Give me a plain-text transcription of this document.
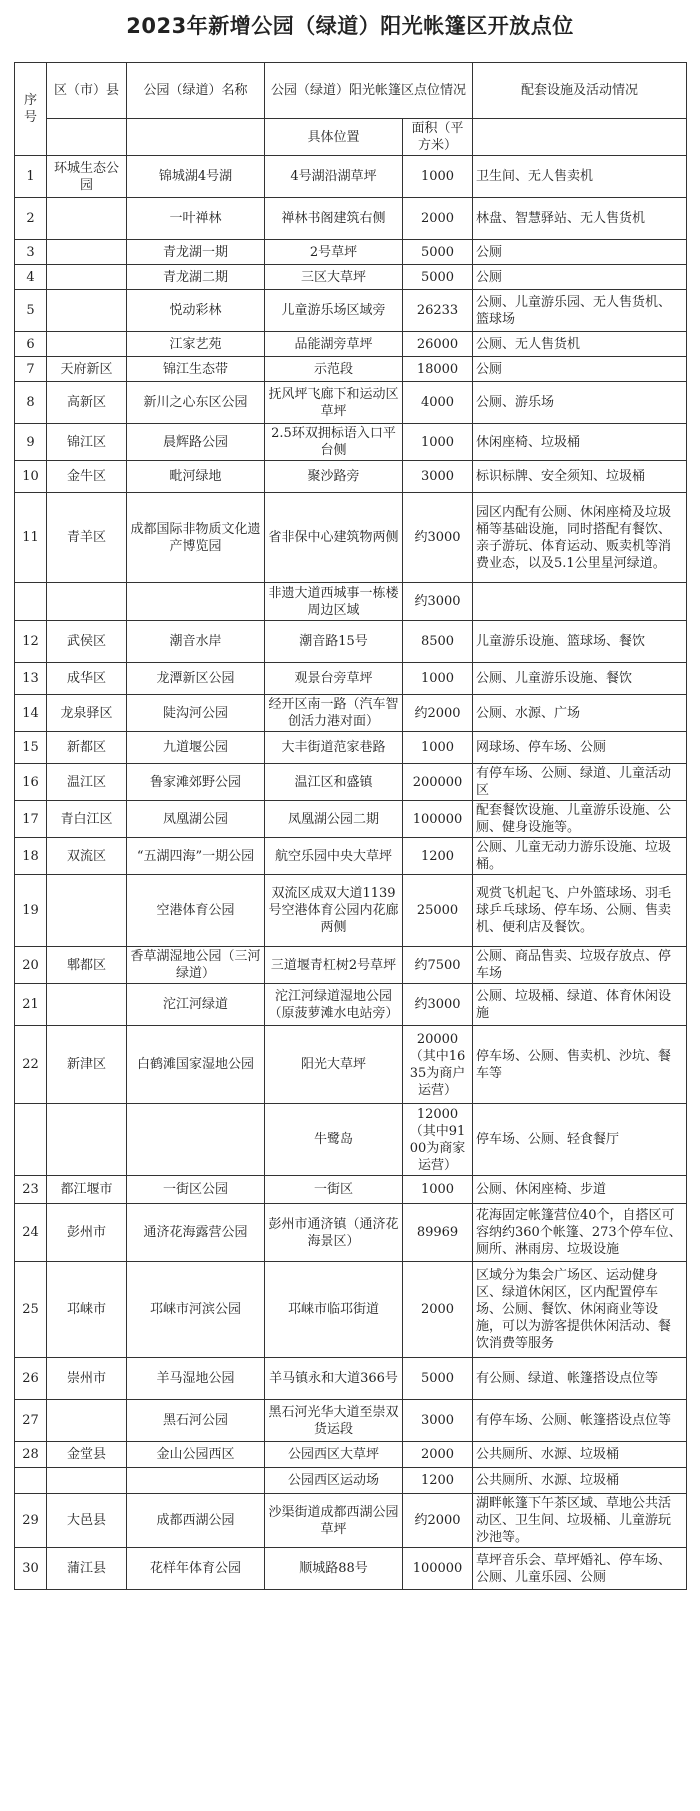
2023年新增公园（绿道）阳光帐篷区开放点位
序号	区（市）县	公园（绿道）名称	公园（绿道）阳光帐篷区点位情况		配套设施及活动情况
			具体位置	面积（平方米）	
1	环城生态公园	锦城湖4号湖	4号湖沿湖草坪	1000	卫生间、无人售卖机
2		一叶禅林	禅林书阁建筑右侧	2000	林盘、智慧驿站、无人售货机
3		青龙湖一期	2号草坪	5000	公厕
4		青龙湖二期	三区大草坪	5000	公厕
5		悦动彩林	儿童游乐场区域旁	26233	公厕、儿童游乐园、无人售货机、篮球场
6		江家艺苑	品能湖旁草坪	26000	公厕、无人售货机
7	天府新区	锦江生态带	示范段	18000	公厕
8	高新区	新川之心东区公园	抚风坪飞廊下和运动区草坪	4000	公厕、游乐场
9	锦江区	晨辉路公园	2.5环双拥标语入口平台侧	1000	休闲座椅、垃圾桶
10	金牛区	毗河绿地	聚沙路旁	3000	标识标牌、安全须知、垃圾桶
11	青羊区	成都国际非物质文化遗产博览园	省非保中心建筑物两侧	约3000	园区内配有公厕、休闲座椅及垃圾桶等基础设施，同时搭配有餐饮、亲子游玩、体育运动、贩卖机等消费业态，以及5.1公里星河绿道。
			非遗大道西城事一栋楼周边区域	约3000	
12	武侯区	潮音水岸	潮音路15号	8500	儿童游乐设施、篮球场、餐饮
13	成华区	龙潭新区公园	观景台旁草坪	1000	公厕、儿童游乐设施、餐饮
14	龙泉驿区	陡沟河公园	经开区南一路（汽车智创活力港对面）	约2000	公厕、水源、广场
15	新都区	九道堰公园	大丰街道范家巷路	1000	网球场、停车场、公厕
16	温江区	鲁家滩郊野公园	温江区和盛镇	200000	有停车场、公厕、绿道、儿童活动区
17	青白江区	凤凰湖公园	凤凰湖公园二期	100000	配套餐饮设施、儿童游乐设施、公厕、健身设施等。
18	双流区	“五湖四海”一期公园	航空乐园中央大草坪	1200	公厕、儿童无动力游乐设施、垃圾桶。
19		空港体育公园	双流区成双大道1139号空港体育公园内花廊两侧	25000	观赏飞机起飞、户外篮球场、羽毛球乒乓球场、停车场、公厕、售卖机、便利店及餐饮。
20	郫都区	香草湖湿地公园（三河绿道）	三道堰青杠树2号草坪	约7500	公厕、商品售卖、垃圾存放点、停车场
21		沱江河绿道	沱江河绿道湿地公园（原菠萝滩水电站旁）	约3000	公厕、垃圾桶、绿道、体育休闲设施
22	新津区	白鹤滩国家湿地公园	阳光大草坪	20000（其中1635为商户运营）	停车场、公厕、售卖机、沙坑、餐车等
			牛鹭岛	12000（其中9100为商家运营）	停车场、公厕、轻食餐厅
23	都江堰市	一街区公园	一街区	1000	公厕、休闲座椅、步道
24	彭州市	通济花海露营公园	彭州市通济镇（通济花海景区）	89969	花海固定帐篷营位40个，自搭区可容纳约360个帐篷、273个停车位、厕所、淋雨房、垃圾设施
25	邛崃市	邛崃市河滨公园	邛崃市临邛街道	2000	区域分为集会广场区、运动健身区、绿道休闲区，区内配置停车场、公厕、餐饮、休闲商业等设施，可以为游客提供休闲活动、餐饮消费等服务
26	崇州市	羊马湿地公园	羊马镇永和大道366号	5000	有公厕、绿道、帐篷搭设点位等
27		黑石河公园	黑石河光华大道至崇双货运段	3000	有停车场、公厕、帐篷搭设点位等
28	金堂县	金山公园西区	公园西区大草坪	2000	公共厕所、水源、垃圾桶
			公园西区运动场	1200	公共厕所、水源、垃圾桶
29	大邑县	成都西湖公园	沙渠街道成都西湖公园草坪	约2000	湖畔帐篷下午茶区域、草地公共活动区、卫生间、垃圾桶、儿童游玩沙池等。
30	蒲江县	花样年体育公园	顺城路88号	100000	草坪音乐会、草坪婚礼、停车场、公厕、儿童乐园、公厕
